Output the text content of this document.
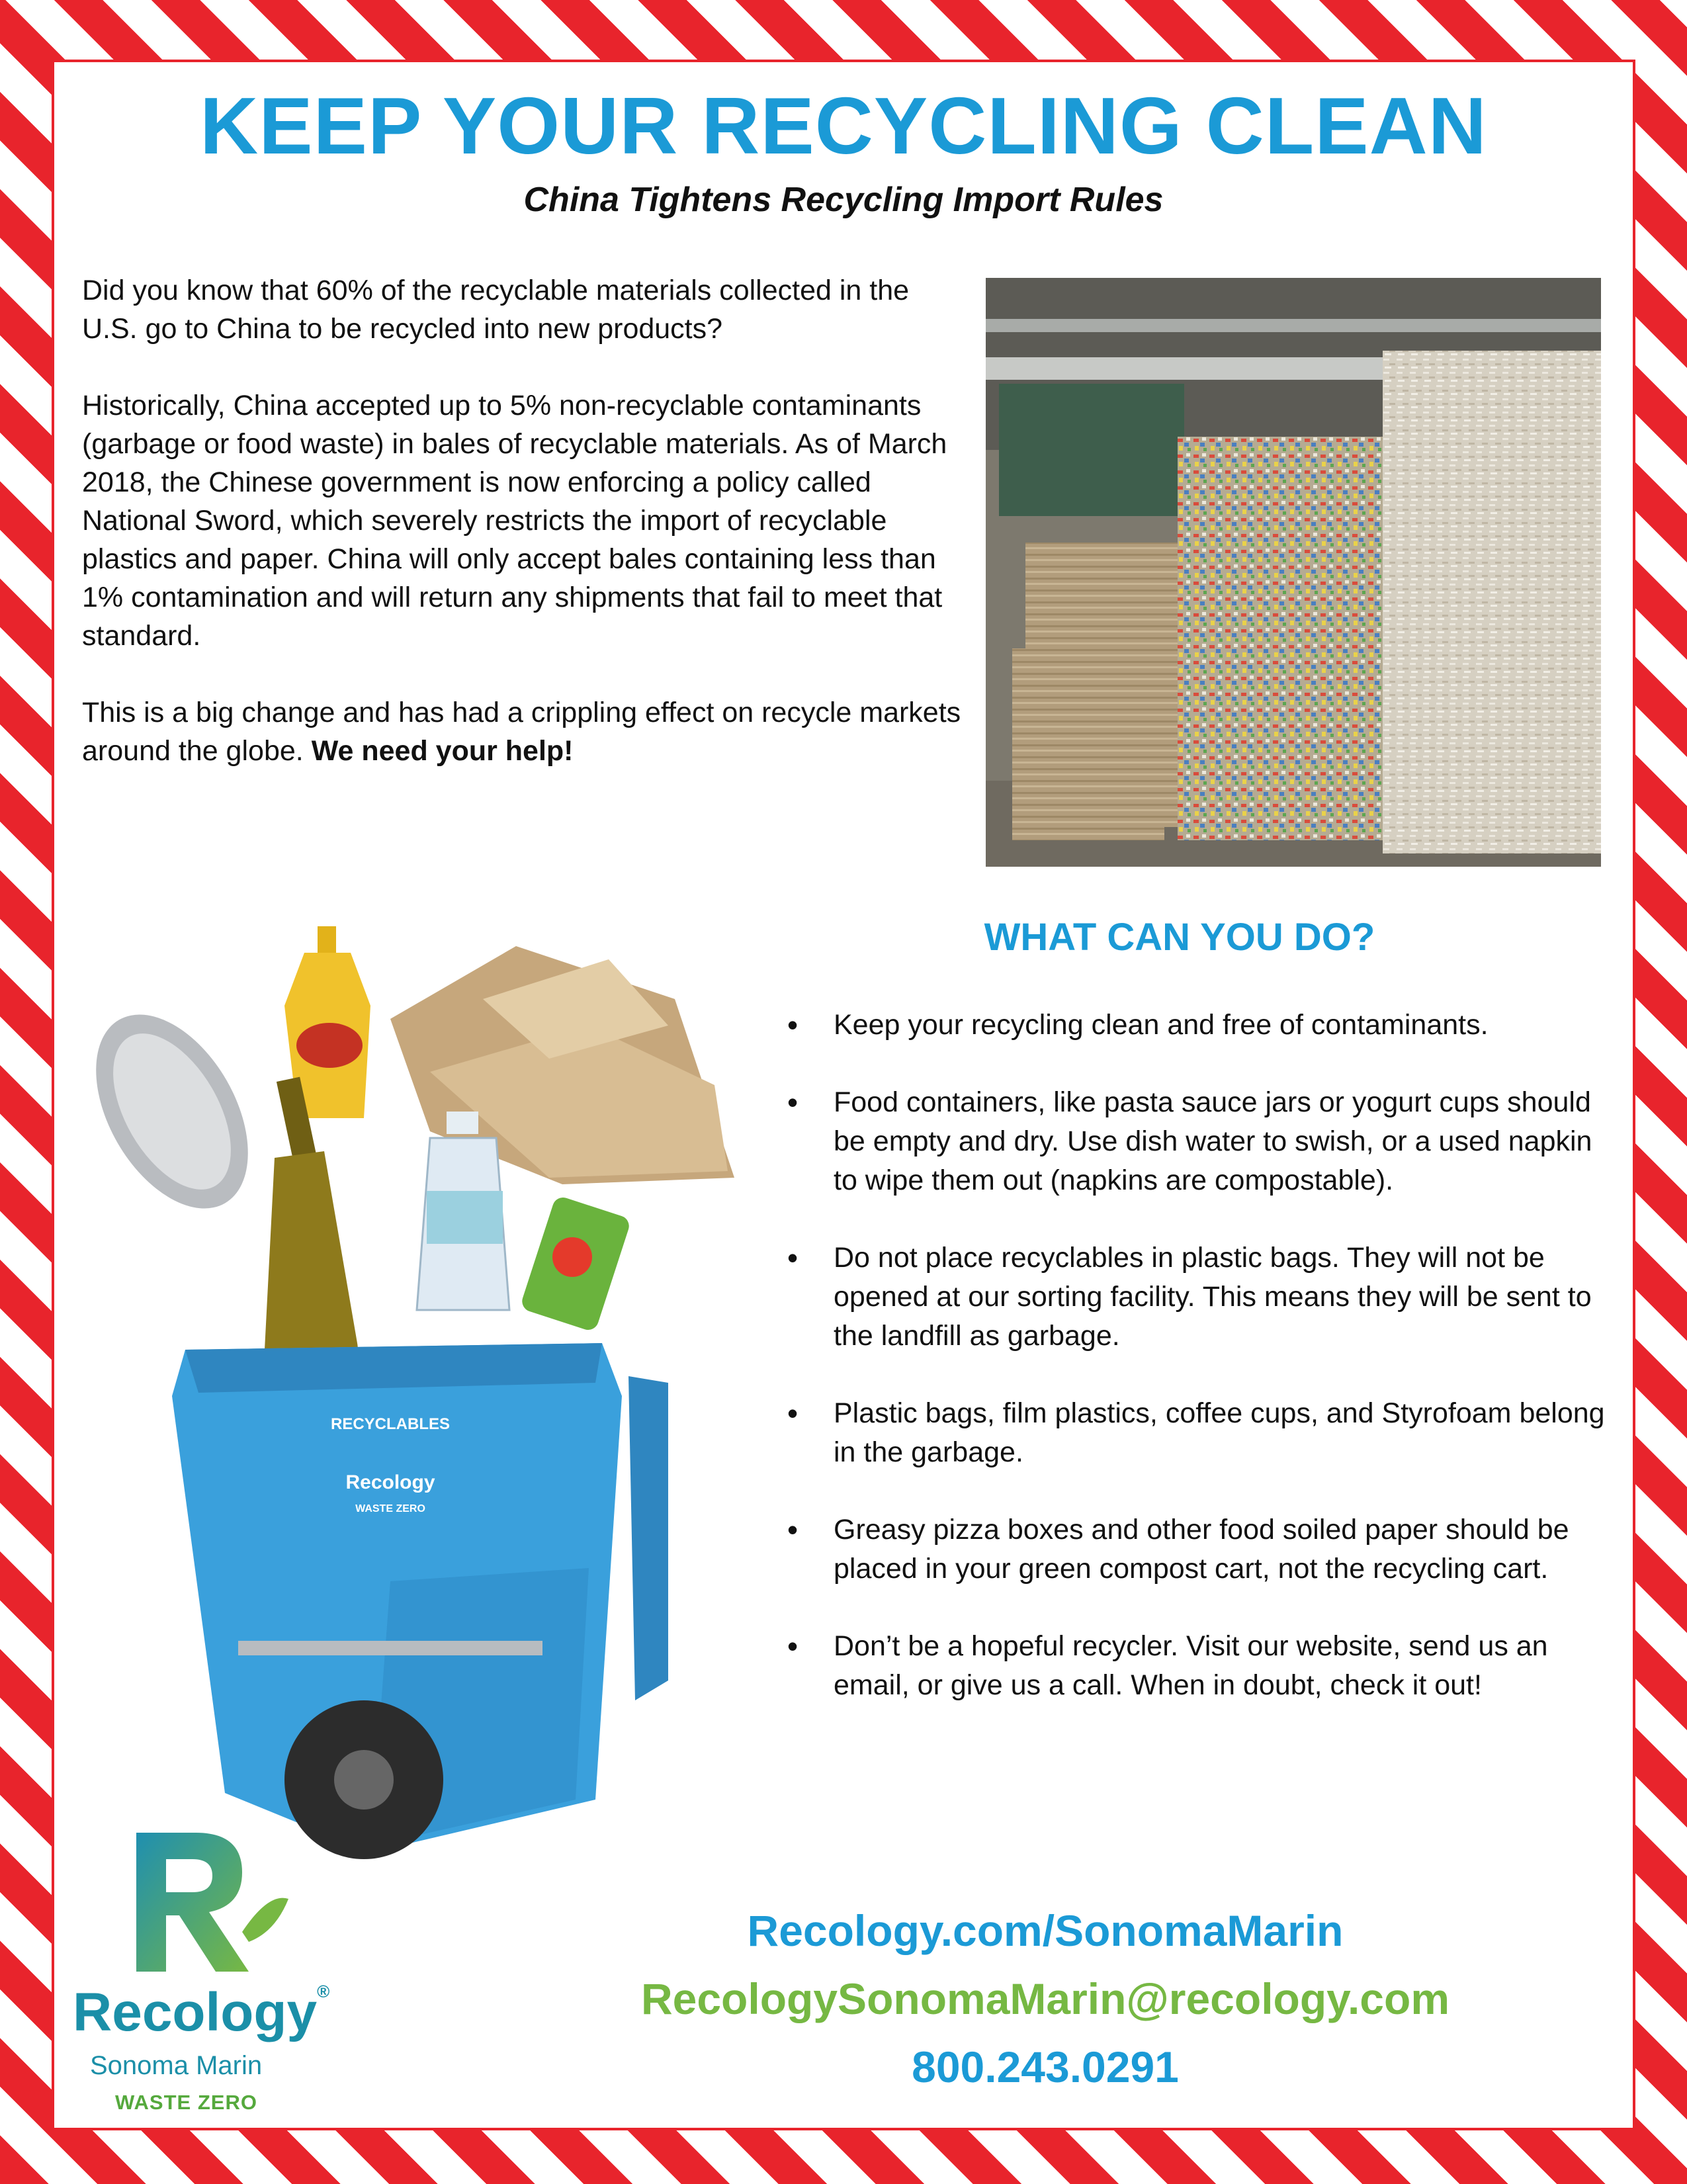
KEEP YOUR RECYCLING CLEAN
China Tightens Recycling Import Rules

Did you know that 60% of the recyclable materials collected in the U.S. go to China to be recycled into new products?

Historically, China accepted up to 5% non-recyclable contaminants (garbage or food waste) in bales of recyclable materials. As of March 2018, the Chinese government is now enforcing a policy called National Sword, which severely restricts the import of recyclable plastics and paper. China will only accept bales containing less than 1% contamination and will return any shipments that fail to meet that standard.

This is a big change and has had a crippling effect on recycle markets around the globe. We need your help!

RECYCLABLES
Recology
WASTE ZERO
WHAT CAN YOU DO?
• Keep your recycling clean and free of contaminants.
• Food containers, like pasta sauce jars or yogurt cups should be empty and dry. Use dish water to swish, or a used napkin to wipe them out (napkins are compostable).
• Do not place recyclables in plastic bags. They will not be opened at our sorting facility. This means they will be sent to the landfill as garbage.
• Plastic bags, film plastics, coffee cups, and Styrofoam belong in the garbage.
• Greasy pizza boxes and other food soiled paper should be placed in your green compost cart, not the recycling cart.
• Don’t be a hopeful recycler. Visit our website, send us an email, or give us a call. When in doubt, check it out!
Recology.com/SonomaMarin
RecologySonomaMarin@recology.com
800.243.0291
Recology®
Sonoma Marin
WASTE ZERO
